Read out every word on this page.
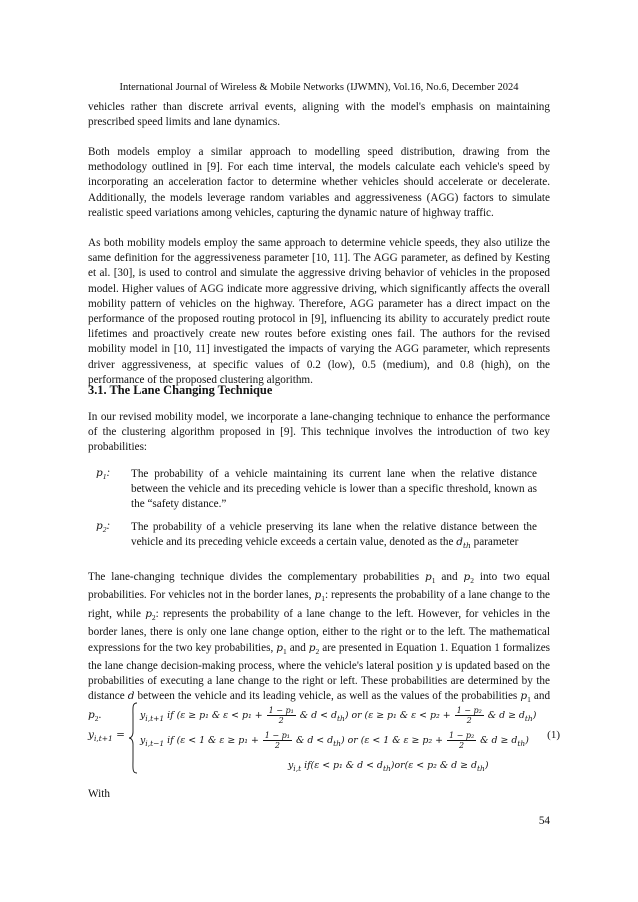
International Journal of Wireless & Mobile Networks (IJWMN), Vol.16, No.6, December 2024

vehicles rather than discrete arrival events, aligning with the model's emphasis on maintaining prescribed speed limits and lane dynamics.

Both models employ a similar approach to modelling speed distribution, drawing from the methodology outlined in [9]. For each time interval, the models calculate each vehicle's speed by incorporating an acceleration factor to determine whether vehicles should accelerate or decelerate. Additionally, the models leverage random variables and aggressiveness (AGG) factors to simulate realistic speed variations among vehicles, capturing the dynamic nature of highway traffic.

As both mobility models employ the same approach to determine vehicle speeds, they also utilize the same definition for the aggressiveness parameter [10, 11]. The AGG parameter, as defined by Kesting et al. [30], is used to control and simulate the aggressive driving behavior of vehicles in the proposed model. Higher values of AGG indicate more aggressive driving, which significantly affects the overall mobility pattern of vehicles on the highway. Therefore, AGG parameter has a direct impact on the performance of the proposed routing protocol in [9], influencing its ability to accurately predict route lifetimes and proactively create new routes before existing ones fail. The authors for the revised mobility model in [10, 11] investigated the impacts of varying the AGG parameter, which represents driver aggressiveness, at specific values of 0.2 (low), 0.5 (medium), and 0.8 (high), on the performance of the proposed clustering algorithm.

3.1. The Lane Changing Technique

In our revised mobility model, we incorporate a lane-changing technique to enhance the performance of the clustering algorithm proposed in [9]. This technique involves the introduction of two key probabilities:

$p_1$: The probability of a vehicle maintaining its current lane when the relative distance between the vehicle and its preceding vehicle is lower than a specific threshold, known as the “safety distance.”

$p_2$: The probability of a vehicle preserving its lane when the relative distance between the vehicle and its preceding vehicle exceeds a certain value, denoted as the $d_{th}$ parameter

The lane-changing technique divides the complementary probabilities $p_1$ and $p_2$ into two equal probabilities. For vehicles not in the border lanes, $p_1$: represents the probability of a lane change to the right, while $p_2$: represents the probability of a lane change to the left. However, for vehicles in the border lanes, there is only one lane change option, either to the right or to the left. The mathematical expressions for the two key probabilities, $p_1$ and $p_2$ are presented in Equation 1. Equation 1 formalizes the lane change decision-making process, where the vehicle's lateral position y is updated based on the probabilities of executing a lane change to the right or left. These probabilities are determined by the distance d between the vehicle and its leading vehicle, as well as the values of the probabilities $p_1$ and $p_2$.

$y_{i,t+1}$ =
$y_{i,t+1}$ if (ε ≥ p₁ & $\varepsilon < p_1 + \frac{\text{1 − p₁}}{2}$ & $d < d_{th}$) or (ε ≥ p₁ & $\varepsilon < p_2 + \frac{\text{1 − p₂}}{2}$ & $d \ge d_{th}$)
$y_{i,t-1}$ if (ε < 1 & $\varepsilon \ge p_1 + \frac{\text{1 − p₁}}{2}$ & $d < d_{th}$) or (ε < 1 & $\varepsilon \ge p_2 + \frac{\text{1 − p₂}}{2}$ & $d \ge d_{th}$)
$y_{i,t}$ if(ε < p₁ & $d < d_{th})or(\varepsilon < p_2$ & $d \ge d_{th}$)
(1)
With
54
